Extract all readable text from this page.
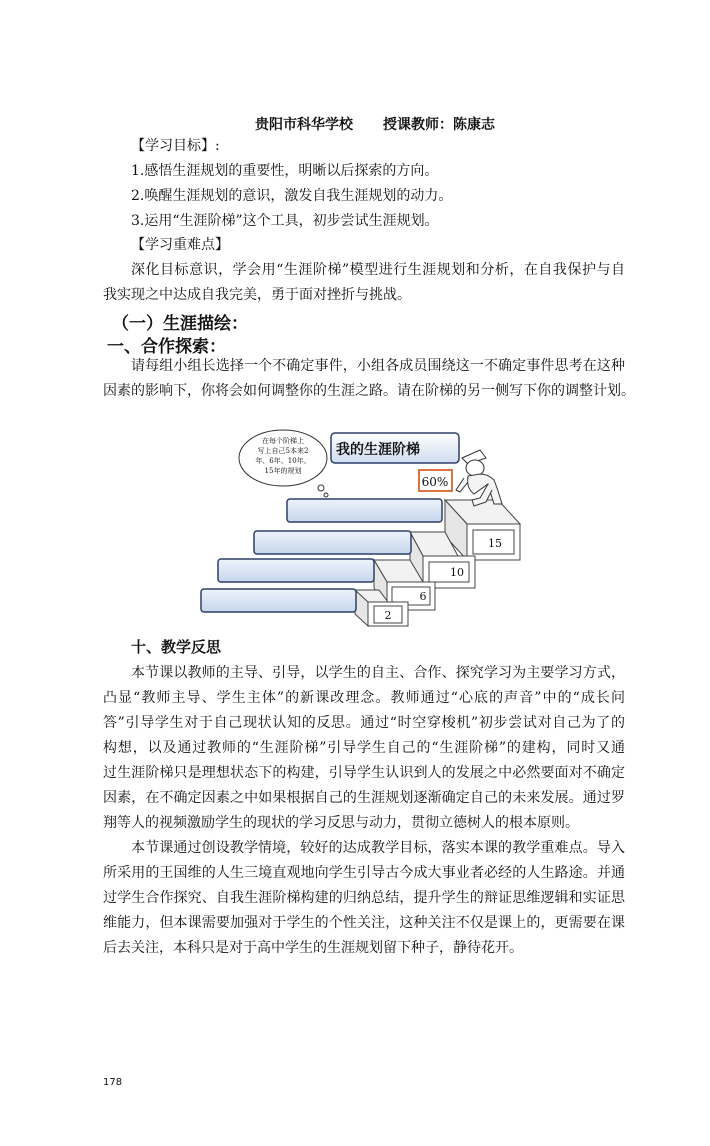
贵阳市科华学校 授课教师：陈康志
【学习目标】:
1.感悟生涯规划的重要性，明晰以后探索的方向。
2.唤醒生涯规划的意识，激发自我生涯规划的动力。
3.运用“生涯阶梯”这个工具，初步尝试生涯规划。
【学习重难点】
深化目标意识，学会用“生涯阶梯”模型进行生涯规划和分析，在自我保护与自
我实现之中达成自我完美，勇于面对挫折与挑战。
（一）生涯描绘：
一、合作探索：
请每组小组长选择一个不确定事件，小组各成员围绕这一不确定事件思考在这种
因素的影响下，你将会如何调整你的生涯之路。请在阶梯的另一侧写下你的调整计划。
15
10
6
2
我的生涯阶梯
60%
在每个阶梯上
写上自己5本来2
年、6年、10年、
15年的规划
十、教学反思
本节课以教师的主导、引导，以学生的自主、合作、探究学习为主要学习方式，
凸显“教师主导、学生主体”的新课改理念。教师通过“心底的声音”中的“成长问
答”引导学生对于自己现状认知的反思。通过“时空穿梭机”初步尝试对自己为了的
构想，以及通过教师的“生涯阶梯”引导学生自己的“生涯阶梯”的建构，同时又通
过生涯阶梯只是理想状态下的构建，引导学生认识到人的发展之中必然要面对不确定
因素，在不确定因素之中如果根据自己的生涯规划逐渐确定自己的未来发展。通过罗
翔等人的视频激励学生的现状的学习反思与动力，贯彻立德树人的根本原则。
本节课通过创设教学情境，较好的达成教学目标，落实本课的教学重难点。导入
所采用的王国维的人生三境直观地向学生引导古今成大事业者必经的人生路途。并通
过学生合作探究、自我生涯阶梯构建的归纳总结，提升学生的辩证思维逻辑和实证思
维能力，但本课需要加强对于学生的个性关注，这种关注不仅是课上的，更需要在课
后去关注，本科只是对于高中学生的生涯规划留下种子，静待花开。
178
